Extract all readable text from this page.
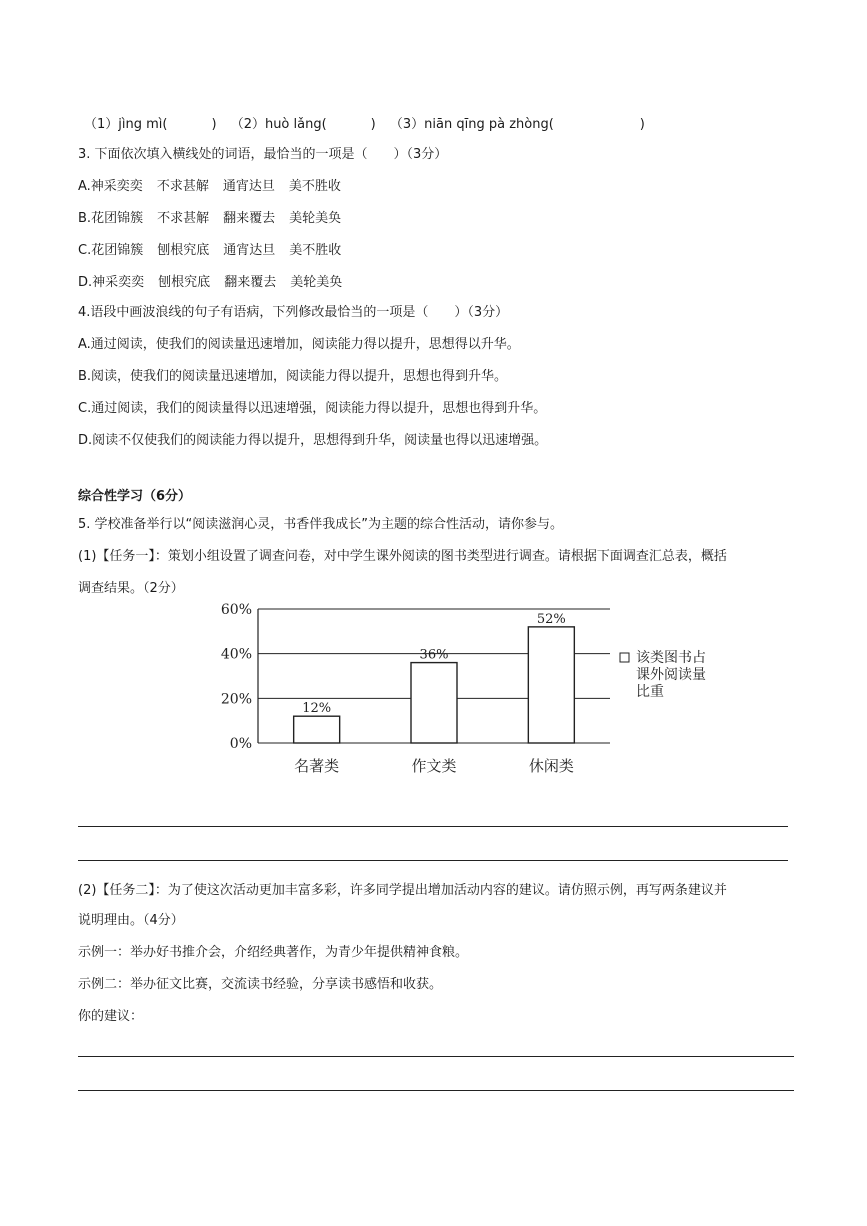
（1）jìng mì(	) （2）huò lǎng(	) （3）niān qīng pà zhòng(	)
3. 下面依次填入横线处的词语，最恰当的一项是（　　）（3分）
A.神采奕奕 不求甚解 通宵达旦 美不胜收
B.花团锦簇 不求甚解 翻来覆去 美轮美奂
C.花团锦簇 刨根究底 通宵达旦 美不胜收
D.神采奕奕 刨根究底 翻来覆去 美轮美奂
4.语段中画波浪线的句子有语病，下列修改最恰当的一项是（　　）（3分）
A.通过阅读，使我们的阅读量迅速增加，阅读能力得以提升，思想得以升华。
B.阅读，使我们的阅读量迅速增加，阅读能力得以提升，思想也得到升华。
C.通过阅读，我们的阅读量得以迅速增强，阅读能力得以提升，思想也得到升华。
D.阅读不仅使我们的阅读能力得以提升，思想得到升华，阅读量也得以迅速增强。
综合性学习（6分）
5. 学校准备举行以“阅读滋润心灵，书香伴我成长”为主题的综合性活动，请你参与。
(1)【任务一】：策划小组设置了调查问卷，对中学生课外阅读的图书类型进行调查。请根据下面调查汇总表，概括
调查结果。（2分）
0%
20%
40%
60%
12%
名著类
36%
作文类
52%
休闲类
该类图书占
课外阅读量
比重
(2)【任务二】：为了使这次活动更加丰富多彩，许多同学提出增加活动内容的建议。请仿照示例，再写两条建议并
说明理由。（4分）
示例一：举办好书推介会，介绍经典著作，为青少年提供精神食粮。
示例二：举办征文比赛，交流读书经验，分享读书感悟和收获。
你的建议：
